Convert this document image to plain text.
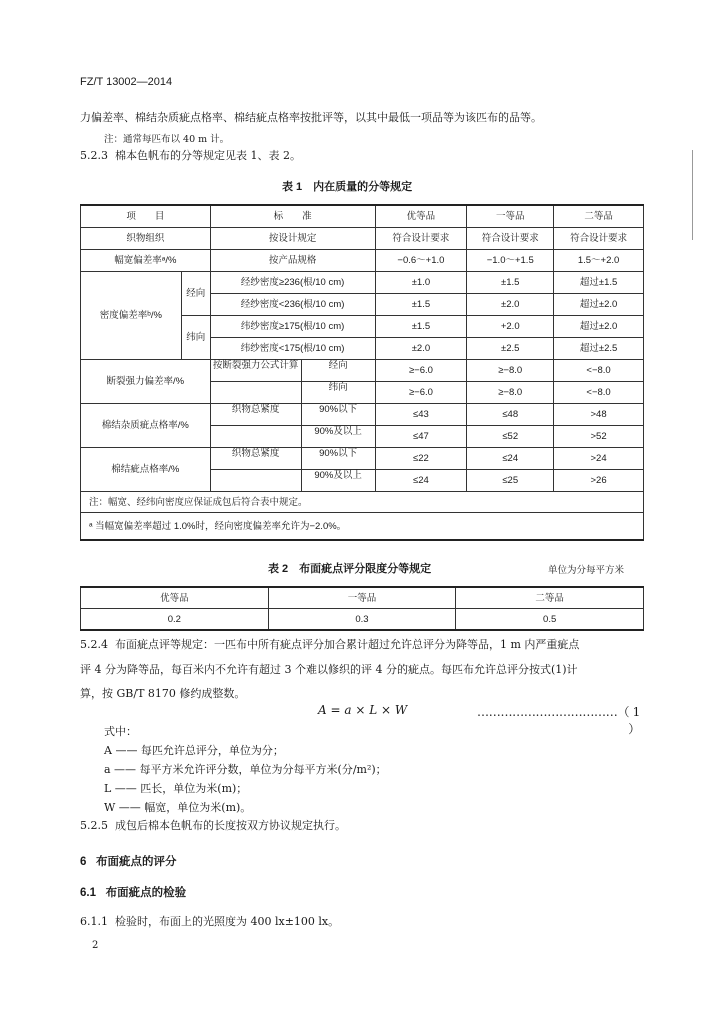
FZ/T 13002—2014
力偏差率、棉结杂质疵点格率、棉结疵点格率按批评等，以其中最低一项品等为该匹布的品等。
注：通常每匹布以 40 m 计。
5.2.3 棉本色帆布的分等规定见表 1、表 2。
表 1　内在质量的分等规定
项　　目		标　　准	优等品	一等品	二等品
织物组织		按设计规定	符合设计要求	符合设计要求	符合设计要求
幅宽偏差率ᵃ/%		按产品规格	−0.6～+1.0	−1.0～+1.5	1.5～+2.0
密度偏差率ᵇ/%	经向	经纱密度≥236(根/10 cm)	±1.0	±1.5	超过±1.5
		经纱密度<236(根/10 cm)	±1.5	±2.0	超过±2.0
	纬向	纬纱密度≥175(根/10 cm)	±1.5	+2.0	超过±2.0
		纬纱密度<175(根/10 cm)	±2.0	±2.5	超过±2.5
断裂强力偏差率/%		按断裂强力公式计算 经向	≥−6.0	≥−8.0	<−8.0

		纬向	≥−6.0	≥−8.0	<−8.0
棉结杂质疵点格率/%		织物总紧度 90%以下	≤43	≤48	>48

		90%及以上	≤47	≤52	>52
棉结疵点格率/%		织物总紧度 90%以下	≤22	≤24	>24

		90%及以上	≤24	≤25	>26
注：幅宽、经纬向密度应保证成包后符合表中规定。					
ᵃ 当幅宽偏差率超过 1.0%时，经向密度偏差率允许为−2.0%。					
表 2　布面疵点评分限度分等规定	单位为分每平方米
优等品	一等品	二等品
0.2	0.3	0.5
5.2.4 布面疵点评等规定：一匹布中所有疵点评分加合累计超过允许总评分为降等品，1 m 内严重疵点
评 4 分为降等品，每百米内不允许有超过 3 个难以修织的评 4 分的疵点。每匹布允许总评分按式(1)计
算，按 GB/T 8170 修约成整数。
A = a × L × W	………………………………（ 1 ）
式中：
A —— 每匹允许总评分，单位为分；
a —— 每平方米允许评分数，单位为分每平方米(分/m²)；
L —— 匹长，单位为米(m)；
W —— 幅宽，单位为米(m)。
5.2.5 成包后棉本色帆布的长度按双方协议规定执行。
6 布面疵点的评分
6.1 布面疵点的检验
6.1.1 检验时，布面上的光照度为 400 lx±100 lx。
2
